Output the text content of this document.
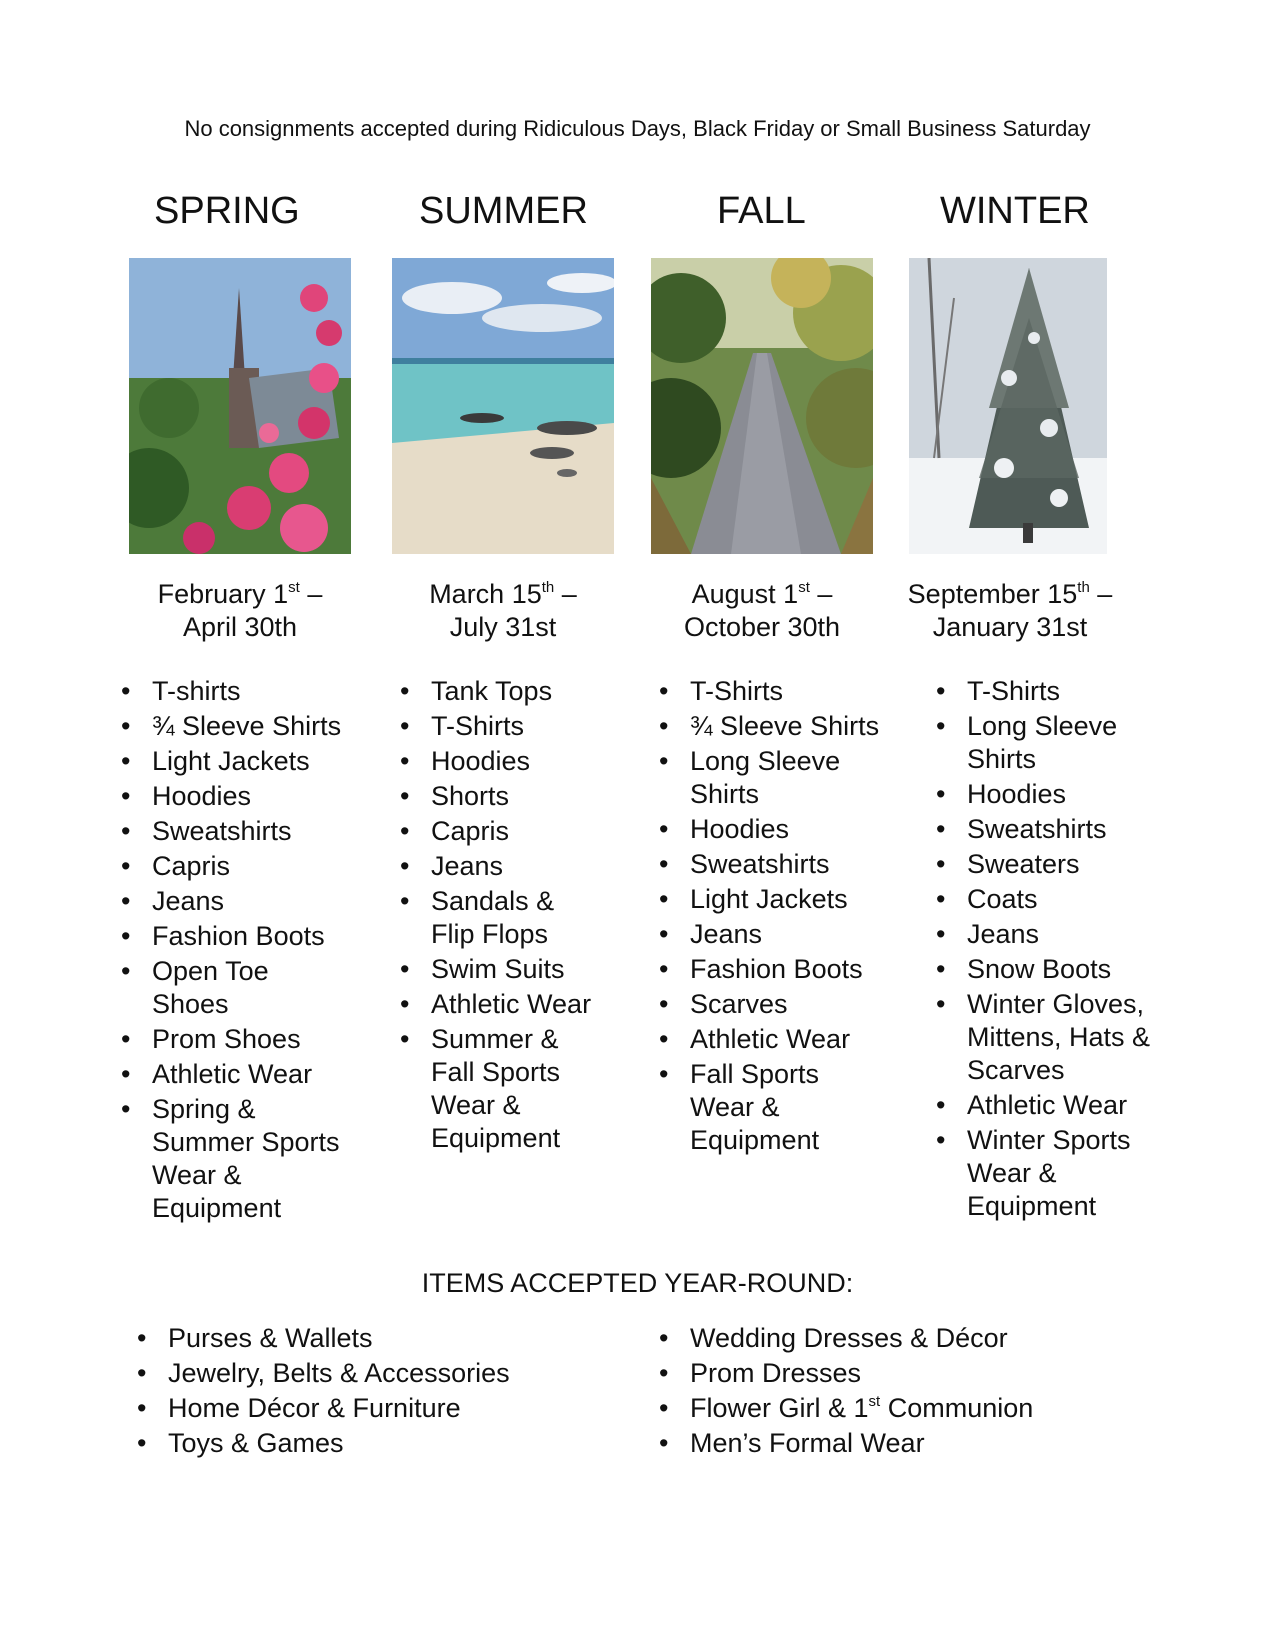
No consignments accepted during Ridiculous Days, Black Friday or Small Business Saturday
SPRING
February 1st –
April 30th
• T-shirts
• ¾ Sleeve Shirts
• Light Jackets
• Hoodies
• Sweatshirts
• Capris
• Jeans
• Fashion Boots
• Open Toe Shoes
• Prom Shoes
• Athletic Wear
• Spring & Summer Sports Wear & Equipment
SUMMER
March 15th –
July 31st
• Tank Tops
• T-Shirts
• Hoodies
• Shorts
• Capris
• Jeans
• Sandals & Flip Flops
• Swim Suits
• Athletic Wear
• Summer & Fall Sports Wear & Equipment
FALL
August 1st –
October 30th
• T-Shirts
• ¾ Sleeve Shirts
• Long Sleeve Shirts
• Hoodies
• Sweatshirts
• Light Jackets
• Jeans
• Fashion Boots
• Scarves
• Athletic Wear
• Fall Sports Wear & Equipment
WINTER
September 15th –
January 31st
• T-Shirts
• Long Sleeve Shirts
• Hoodies
• Sweatshirts
• Sweaters
• Coats
• Jeans
• Snow Boots
• Winter Gloves, Mittens, Hats & Scarves
• Athletic Wear
• Winter Sports Wear & Equipment
ITEMS ACCEPTED YEAR-ROUND:
• Purses & Wallets
• Jewelry, Belts & Accessories
• Home Décor & Furniture
• Toys & Games
• Wedding Dresses & Décor
• Prom Dresses
• Flower Girl & 1st Communion
• Men’s Formal Wear
